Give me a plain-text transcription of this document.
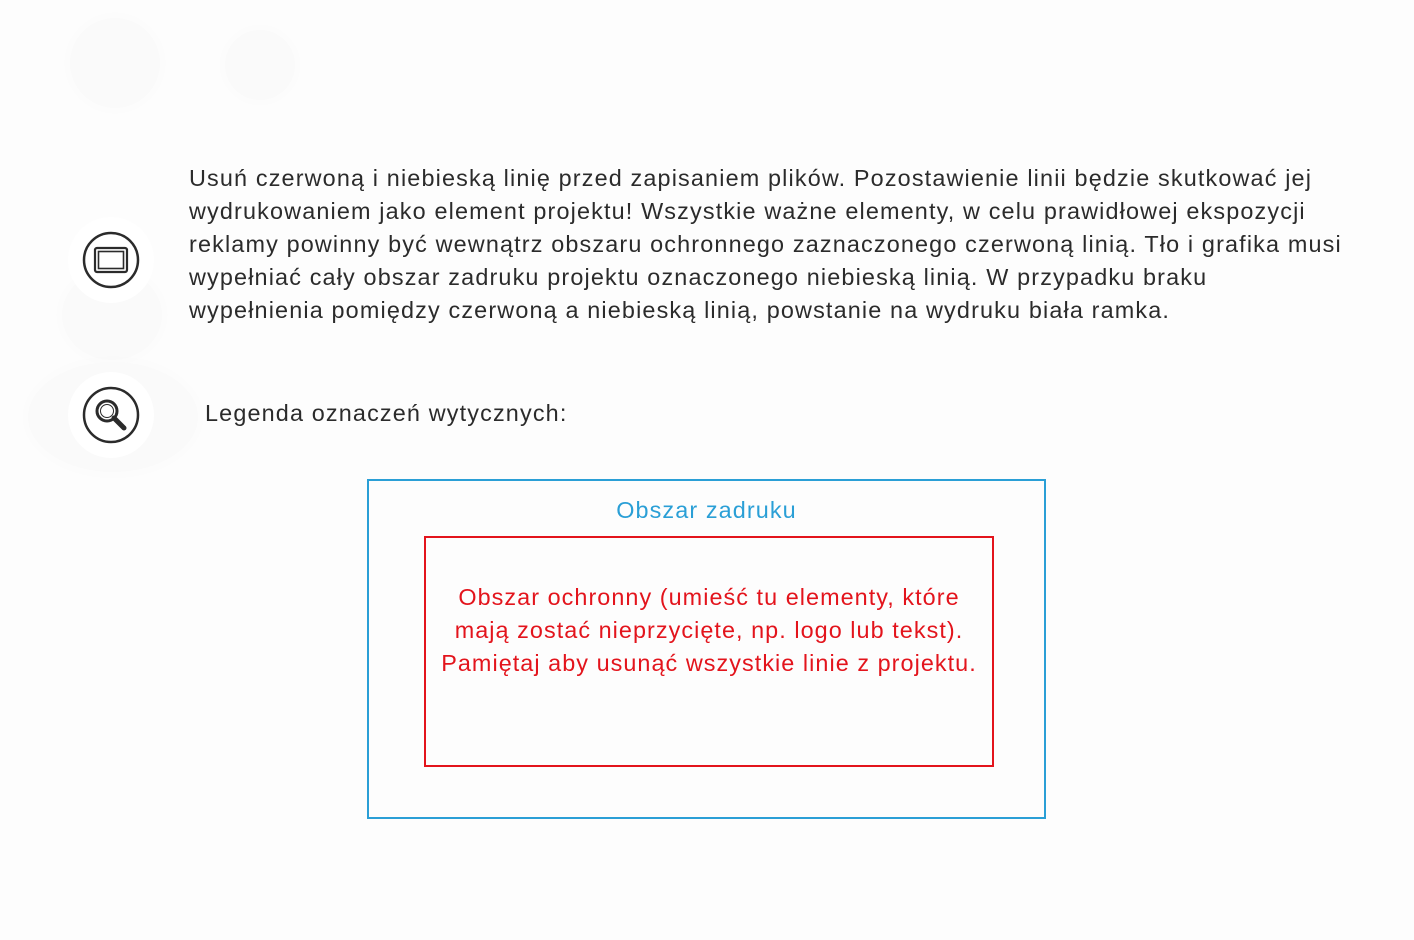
Usuń czerwoną i niebieską linię przed zapisaniem plików. Pozostawienie linii będzie skutkować jej wydrukowaniem jako element projektu! Wszystkie ważne elementy, w celu prawidłowej ekspozycji reklamy powinny być wewnątrz obszaru ochronnego zaznaczonego czerwoną linią. Tło i grafika musi wypełniać cały obszar zadruku projektu oznaczonego niebieską linią. W przypadku braku wypełnienia pomiędzy czerwoną a niebieską linią, powstanie na wydruku biała ramka.

Legenda oznaczeń wytycznych:
Obszar zadruku

Obszar ochronny (umieść tu elementy, które mają zostać nieprzycięte, np. logo lub tekst). Pamiętaj aby usunąć wszystkie linie z projektu.
